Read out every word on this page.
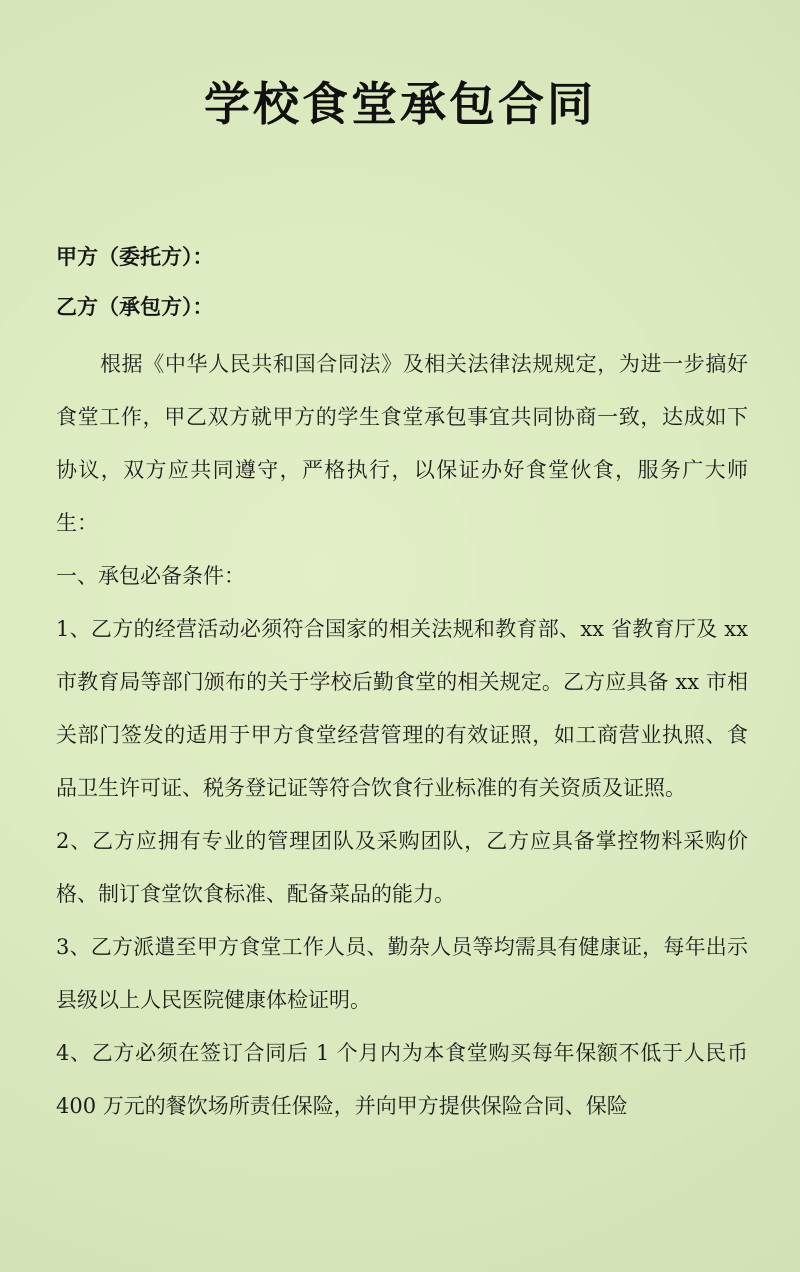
学校食堂承包合同
甲方（委托方）：
乙方（承包方）：

根据《中华人民共和国合同法》及相关法律法规规定，为进一步搞好食堂工作，甲乙双方就甲方的学生食堂承包事宜共同协商一致，达成如下协议，双方应共同遵守，严格执行，以保证办好食堂伙食，服务广大师生：

一、承包必备条件：

1、乙方的经营活动必须符合国家的相关法规和教育部、xx 省教育厅及 xx 市教育局等部门颁布的关于学校后勤食堂的相关规定。乙方应具备 xx 市相关部门签发的适用于甲方食堂经营管理的有效证照，如工商营业执照、食品卫生许可证、税务登记证等符合饮食行业标准的有关资质及证照。

2、乙方应拥有专业的管理团队及采购团队，乙方应具备掌控物料采购价格、制订食堂饮食标准、配备菜品的能力。

3、乙方派遣至甲方食堂工作人员、勤杂人员等均需具有健康证，每年出示县级以上人民医院健康体检证明。

4、乙方必须在签订合同后 1 个月内为本食堂购买每年保额不低于人民币 400 万元的餐饮场所责任保险，并向甲方提供保险合同、保险
